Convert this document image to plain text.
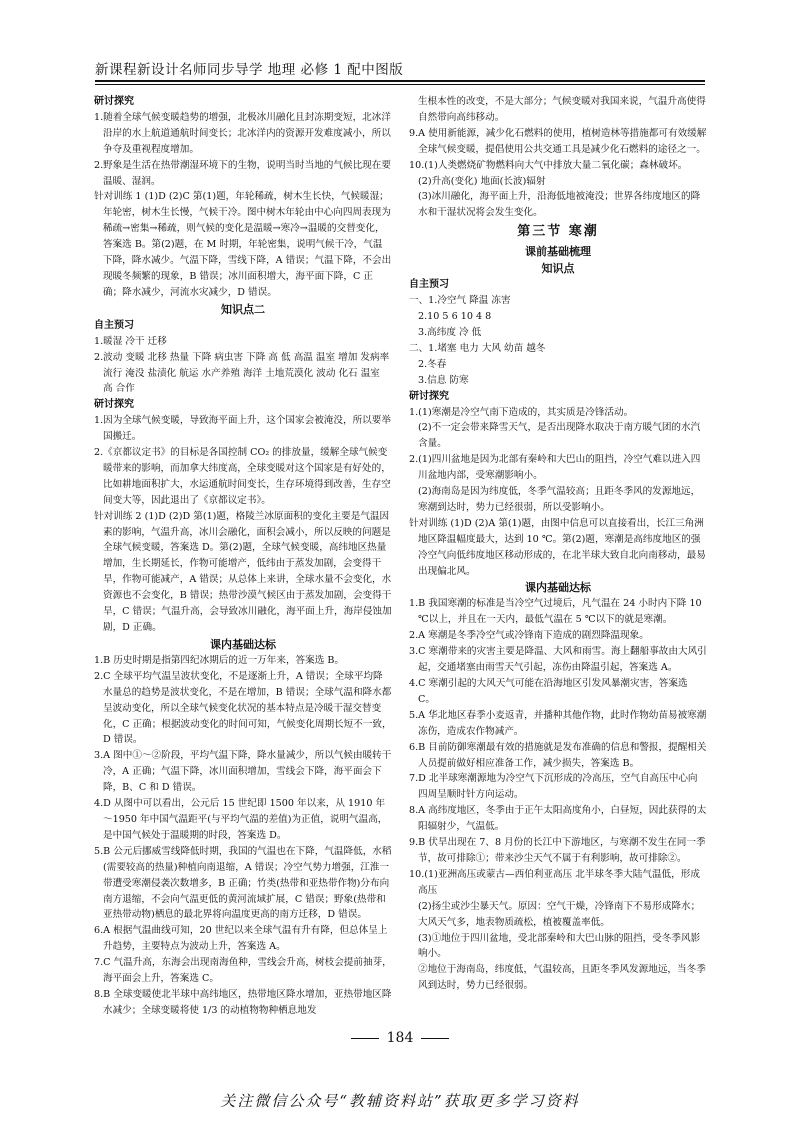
新课程新设计名师同步导学 地理 必修 1 配中图版
研讨探究
1.随着全球气候变暖趋势的增强，北极冰川融化且封冻期变短，北冰洋沿岸的水上航道通航时间变长；北冰洋内的资源开发难度减小，所以争夺及重视程度增加。
2.野象是生活在热带潮湿环境下的生物，说明当时当地的气候比现在要温暖、湿润。
针对训练 1 (1)D (2)C 第(1)题，年轮稀疏，树木生长快，气候暖湿；年轮密，树木生长慢，气候干冷。图中树木年轮由中心向四周表现为稀疏→密集→稀疏，则气候的变化是温暖→寒冷→温暖的交替变化，答案选 B。第(2)题，在 M 时期，年轮密集，说明气候干冷，气温下降，降水减少。气温下降，雪线下降，A 错误；气温下降，不会出现暖冬频繁的现象，B 错误；冰川面积增大，海平面下降，C 正确；降水减少，河流水灾减少，D 错误。
知识点二
自主预习
1.暖湿 冷干 迁移
2.波动 变暖 北移 热量 下降 病虫害 下降 高 低 高温 温室 增加 发病率 流行 淹没 盐渍化 航运 水产养殖 海洋 土地荒漠化 波动 化石 温室 高 合作
研讨探究
1.因为全球气候变暖，导致海平面上升，这个国家会被淹没，所以要举国搬迁。
2.《京都议定书》的目标是各国控制 CO₂ 的排放量，缓解全球气候变暖带来的影响，而加拿大纬度高，全球变暖对这个国家是有好处的，比如耕地面积扩大，水运通航时间变长，生存环境得到改善，生存空间变大等，因此退出了《京都议定书》。
针对训练 2 (1)D (2)D 第(1)题，格陵兰冰原面积的变化主要是气温因素的影响，气温升高，冰川会融化，面积会减小，所以反映的问题是全球气候变暖，答案选 D。第(2)题，全球气候变暖，高纬地区热量增加，生长期延长，作物可能增产，低纬由于蒸发加剧，会变得干旱，作物可能减产，A 错误；从总体上来讲，全球水量不会变化，水资源也不会变化，B 错误；热带沙漠气候区由于蒸发加剧，会变得干旱，C 错误；气温升高，会导致冰川融化，海平面上升，海岸侵蚀加剧，D 正确。
课内基础达标
1.B 历史时期是指第四纪冰期后的近一万年来，答案选 B。
2.C 全球平均气温呈波状变化，不是逐渐上升，A 错误；全球平均降水量总的趋势是波状变化，不是在增加，B 错误；全球气温和降水都呈波动变化，所以全球气候变化状况的基本特点是冷暖干湿交替变化，C 正确；根据波动变化的时间可知，气候变化周期长短不一致，D 错误。
3.A 图中①～②阶段，平均气温下降，降水量减少，所以气候由暖转干冷，A 正确；气温下降，冰川面积增加，雪线会下降，海平面会下降，B、C 和 D 错误。
4.D 从图中可以看出，公元后 15 世纪即 1500 年以来，从 1910 年～1950 年中国气温距平(与平均气温的差值)为正值，说明气温高，是中国气候处于温暖期的时段，答案选 D。
5.B 公元后挪威雪线降低时期，我国的气温也在下降，气温降低，水稻(需要较高的热量)种植向南退缩，A 错误；冷空气势力增强，江淮一带遭受寒潮侵袭次数增多，B 正确；竹类(热带和亚热带作物)分布向南方退缩，不会向气温更低的黄河流域扩展，C 错误；野象(热带和亚热带动物)栖息的最北界将向温度更高的南方迁移，D 错误。
6.A 根据气温曲线可知，20 世纪以来全球气温有升有降，但总体呈上升趋势，主要特点为波动上升，答案选 A。
7.C 气温升高，东海会出现南海鱼种，雪线会升高，树枝会提前抽芽，海平面会上升，答案选 C。
8.B 全球变暖使北半球中高纬地区，热带地区降水增加，亚热带地区降水减少；全球变暖将使 1/3 的动植物物种栖息地发
生根本性的改变，不是大部分；气候变暖对我国来说，气温升高使得自然带向高纬移动。
9.A 使用新能源，减少化石燃料的使用，植树造林等措施都可有效缓解全球气候变暖，提倡使用公共交通工具是减少化石燃料的途径之一。
10.(1)人类燃烧矿物燃料向大气中排放大量二氧化碳；森林破坏。
(2)升高(变化) 地面(长波)辐射
(3)冰川融化，海平面上升，沿海低地被淹没；世界各纬度地区的降水和干湿状况将会发生变化。
第三节 寒潮
课前基础梳理
知识点
自主预习
一、1.冷空气 降温 冻害
2.10 5 6 10 4 8
3.高纬度 冷 低
二、1.堵塞 电力 大风 幼苗 越冬
2.冬春
3.信息 防寒
研讨探究
1.(1)寒潮是冷空气南下造成的，其实质是冷锋活动。
(2)不一定会带来降雪天气，是否出现降水取决于南方暖气团的水汽含量。
2.(1)四川盆地是因为北部有秦岭和大巴山的阻挡，冷空气难以进入四川盆地内部，受寒潮影响小。
(2)海南岛是因为纬度低，冬季气温较高；且距冬季风的发源地远，寒潮到达时，势力已经很弱，所以受影响小。
针对训练 (1)D (2)A 第(1)题，由图中信息可以直接看出，长江三角洲地区降温幅度最大，达到 10 ℃。第(2)题，寒潮是高纬度地区的强冷空气向低纬度地区移动形成的，在北半球大致自北向南移动，最易出现偏北风。
课内基础达标
1.B 我国寒潮的标准是当冷空气过境后，凡气温在 24 小时内下降 10 ℃以上，并且在一天内，最低气温在 5 ℃以下的就是寒潮。
2.A 寒潮是冬季冷空气或冷锋南下造成的剧烈降温现象。
3.C 寒潮带来的灾害主要是降温、大风和雨雪。海上翻船事故由大风引起，交通堵塞由雨雪天气引起，冻伤由降温引起，答案选 A。
4.C 寒潮引起的大风天气可能在沿海地区引发风暴潮灾害，答案选 C。
5.A 华北地区春季小麦返青，并播种其他作物，此时作物幼苗易被寒潮冻伤，造成农作物减产。
6.B 目前防御寒潮最有效的措施就是发布准确的信息和警报，提醒相关人员提前做好相应准备工作，减少损失，答案选 B。
7.D 北半球寒潮源地为冷空气下沉形成的冷高压，空气自高压中心向四周呈顺时针方向运动。
8.A 高纬度地区，冬季由于正午太阳高度角小，白昼短，因此获得的太阳辐射少，气温低。
9.B 伏旱出现在 7、8 月份的长江中下游地区，与寒潮不发生在同一季节，故可排除①；带来沙尘天气不属于有利影响，故可排除②。
10.(1)亚洲高压或蒙古—西伯利亚高压 北半球冬季大陆气温低，形成高压
(2)扬尘或沙尘暴天气。原因：空气干燥，冷锋南下不易形成降水；大风天气多，地表物质疏松，植被覆盖率低。
(3)①地位于四川盆地，受北部秦岭和大巴山脉的阻挡，受冬季风影响小。
②地位于海南岛，纬度低，气温较高，且距冬季风发源地远，当冬季风到达时，势力已经很弱。
184
关注微信公众号“教辅资料站”获取更多学习资料
